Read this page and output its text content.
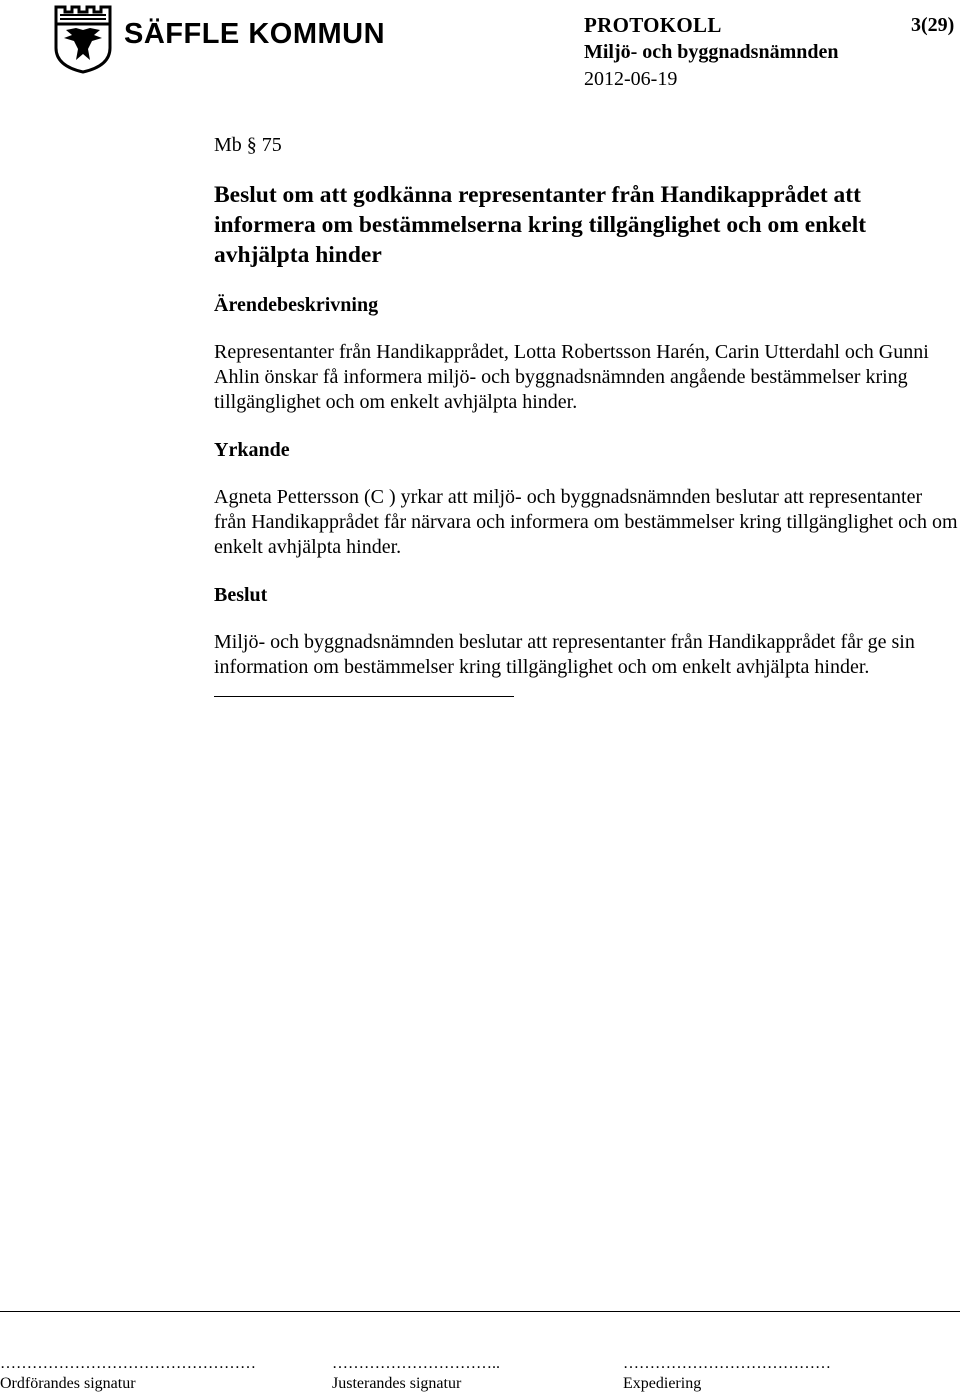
SÄFFLE KOMMUN	PROTOKOLL
Miljö- och byggnadsnämnden
2012-06-19
3(29)

Mb § 75

Beslut om att godkänna representanter från Handikapprådet att informera om bestämmelserna kring tillgänglighet och om enkelt avhjälpta hinder
Ärendebeskrivning

Representanter från Handikapprådet, Lotta Robertsson Harén, Carin Utterdahl och Gunni Ahlin önskar få informera miljö- och byggnadsnämnden angående bestämmelser kring tillgänglighet och om enkelt avhjälpta hinder.

Yrkande

Agneta Pettersson (C ) yrkar att miljö- och byggnadsnämnden beslutar att representanter från Handikapprådet får närvara och informera om bestämmelser kring tillgänglighet och om enkelt avhjälpta hinder.

Beslut

Miljö- och byggnadsnämnden beslutar att representanter från Handikapprådet får ge sin information om bestämmelser kring tillgänglighet och om enkelt avhjälpta hinder.

…………………………………………
Ordförandes signatur
…………………………..
Justerandes signatur
…………………………………
Expediering
